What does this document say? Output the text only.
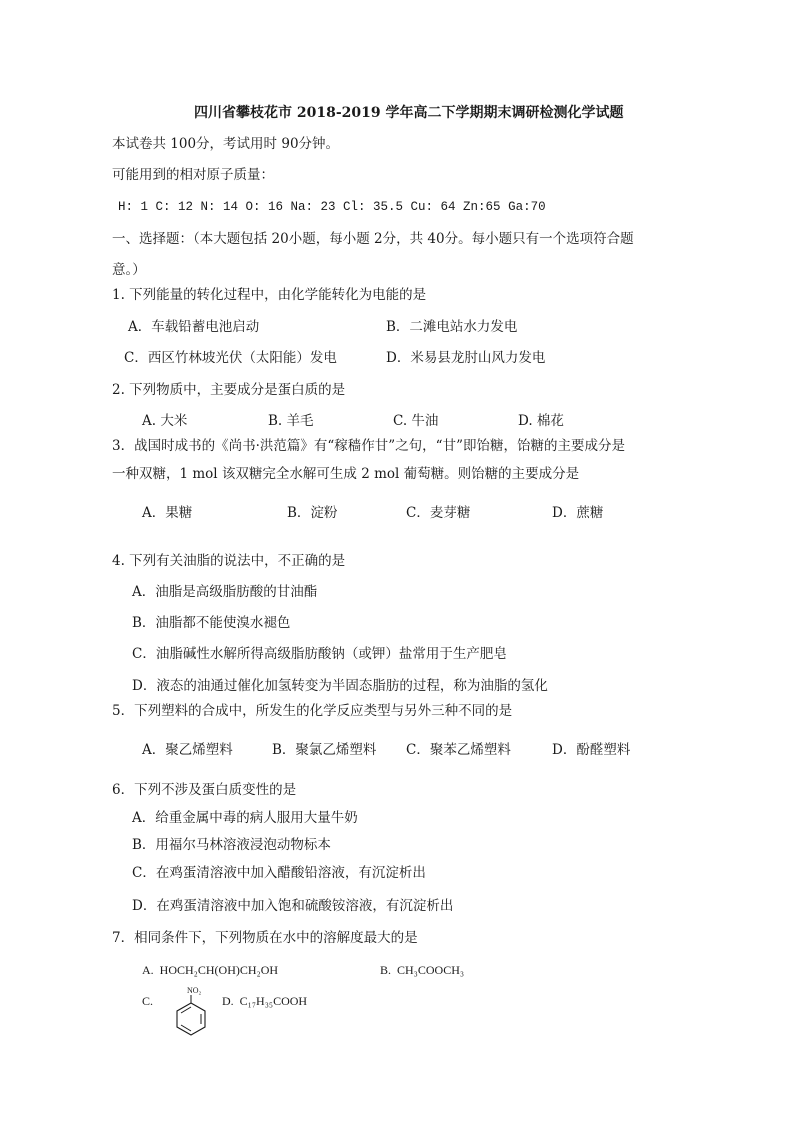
四川省攀枝花市 2018-2019 学年高二下学期期末调研检测化学试题
本试卷共 100分，考试用时 90分钟。
可能用到的相对原子质量：
H: 1 C: 12 N: 14 O: 16 Na: 23 Cl: 35.5 Cu: 64 Zn:65 Ga:70
一、选择题：（本大题包括 20小题，每小题 2分，共 40分。每小题只有一个选项符合题
意。）
1. 下列能量的转化过程中，由化学能转化为电能的是
A．车载铅蓄电池启动	B．二滩电站水力发电
C．西区竹林坡光伏（太阳能）发电	D．米易县龙肘山风力发电
2. 下列物质中，主要成分是蛋白质的是
A. 大米	B. 羊毛	C. 牛油	D. 棉花
3．战国时成书的《尚书·洪范篇》有“稼穑作甘”之句，“甘”即饴糖，饴糖的主要成分是
一种双糖，1 mol 该双糖完全水解可生成 2 mol 葡萄糖。则饴糖的主要成分是
A．果糖	B．淀粉	C．麦芽糖	D．蔗糖
4. 下列有关油脂的说法中，不正确的是
A．油脂是高级脂肪酸的甘油酯
B．油脂都不能使溴水褪色
C．油脂碱性水解所得高级脂肪酸钠（或钾）盐常用于生产肥皂
D．液态的油通过催化加氢转变为半固态脂肪的过程，称为油脂的氢化
5．下列塑料的合成中，所发生的化学反应类型与另外三种不同的是
A．聚乙烯塑料	B．聚氯乙烯塑料 C．聚苯乙烯塑料	D．酚醛塑料
6．下列不涉及蛋白质变性的是
A．给重金属中毒的病人服用大量牛奶
B．用福尔马林溶液浸泡动物标本
C．在鸡蛋清溶液中加入醋酸铅溶液，有沉淀析出
D．在鸡蛋清溶液中加入饱和硫酸铵溶液，有沉淀析出
7．相同条件下，下列物质在水中的溶解度最大的是
A. HOCH₂CH(OH)CH₂OH	B. CH₃COOCH₃
C.
NO₂
D. C₁₇H₃₅COOH
